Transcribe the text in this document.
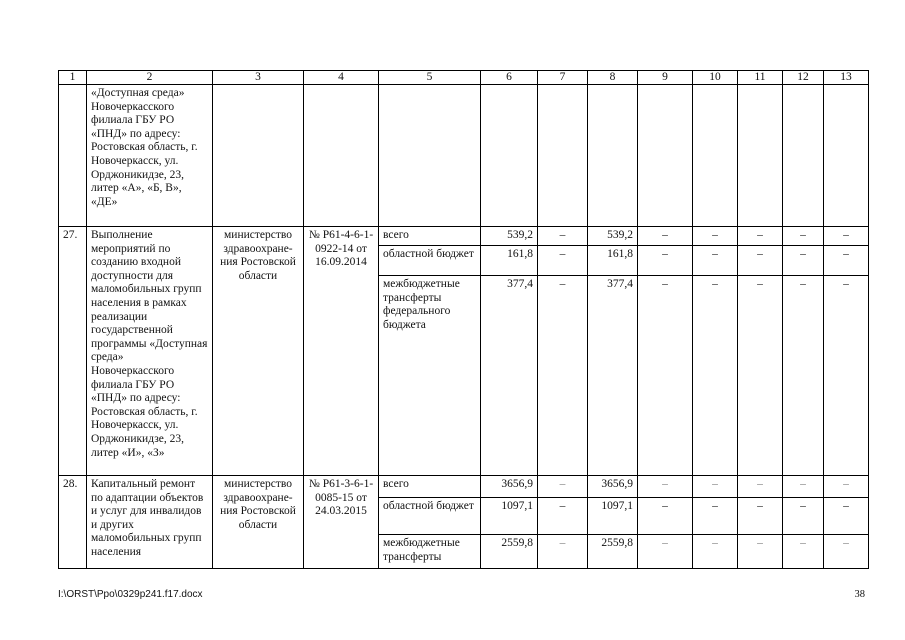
1	2	3	4	5	6	7	8	9	10	11	12	13
	«Доступная среда» Новочеркасского филиала ГБУ РО «ПНД» по адресу: Ростовская область, г. Новочеркасск, ул. Орджоникидзе, 23, литер «А», «Б, В», «ДЕ»											
27.	Выполнение мероприятий по созданию входной доступности для маломобильных групп населения в рамках реализации государственной программы «Доступная среда» Новочеркасского филиала ГБУ РО «ПНД» по адресу: Ростовская область, г. Новочеркасск, ул. Орджоникидзе, 23, литер «И», «З»	министерство здравоохране-ния Ростовской области	№ Р61-4-6-1-0922-14 от 16.09.2014	всего	539,2	–	539,2	–	–	–	–	–
				областной бюджет	161,8	–	161,8	–	–	–	–	–
				межбюджетные трансферты федерального бюджета	377,4	–	377,4	–	–	–	–	–
28.	Капитальный ремонт по адаптации объектов и услуг для инвалидов и других маломобильных групп населения	министерство здравоохране-ния Ростовской области	№ Р61-3-6-1-0085-15 от 24.03.2015	всего	3656,9	–	3656,9	–	–	–	–	–
				областной бюджет	1097,1	–	1097,1	–	–	–	–	–
				межбюджетные трансферты	2559,8	–	2559,8	–	–	–	–	–
I:\ORST\Ppo\0329p241.f17.docx	38
